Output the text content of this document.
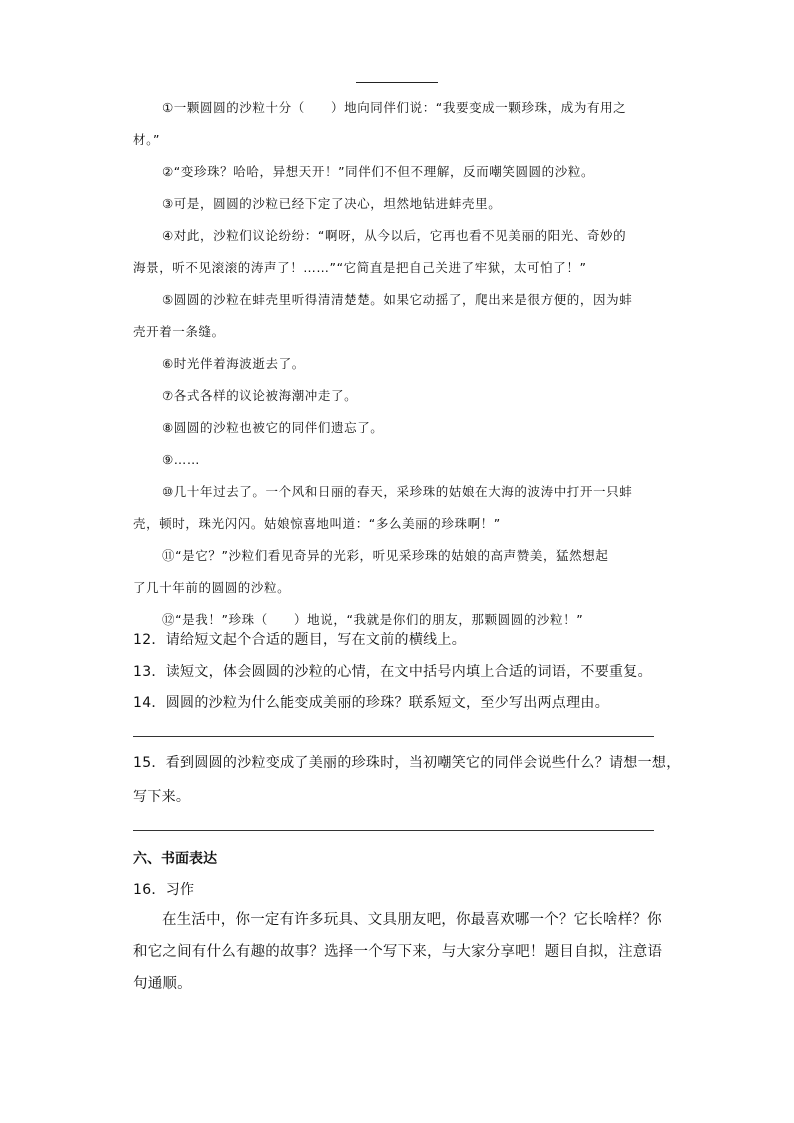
①一颗圆圆的沙粒十分（　　）地向同伴们说：“我要变成一颗珍珠，成为有用之

材。”

②“变珍珠？哈哈，异想天开！”同伴们不但不理解，反而嘲笑圆圆的沙粒。

③可是，圆圆的沙粒已经下定了决心，坦然地钻进蚌壳里。

④对此，沙粒们议论纷纷：“啊呀，从今以后，它再也看不见美丽的阳光、奇妙的

海景，听不见滚滚的涛声了！……”“它简直是把自己关进了牢狱，太可怕了！”

⑤圆圆的沙粒在蚌壳里听得清清楚楚。如果它动摇了，爬出来是很方便的，因为蚌

壳开着一条缝。

⑥时光伴着海波逝去了。

⑦各式各样的议论被海潮冲走了。

⑧圆圆的沙粒也被它的同伴们遗忘了。

⑨……

⑩几十年过去了。一个风和日丽的春天，采珍珠的姑娘在大海的波涛中打开一只蚌

壳，顿时，珠光闪闪。姑娘惊喜地叫道：“多么美丽的珍珠啊！”

⑪“是它？”沙粒们看见奇异的光彩，听见采珍珠的姑娘的高声赞美，猛然想起

了几十年前的圆圆的沙粒。

⑫“是我！”珍珠（　　）地说，“我就是你们的朋友，那颗圆圆的沙粒！”

12．请给短文起个合适的题目，写在文前的横线上。
13．读短文，体会圆圆的沙粒的心情，在文中括号内填上合适的词语，不要重复。
14．圆圆的沙粒为什么能变成美丽的珍珠？联系短文，至少写出两点理由。
15．看到圆圆的沙粒变成了美丽的珍珠时，当初嘲笑它的同伴会说些什么？请想一想，
写下来。
六、书面表达
16．习作
在生活中，你一定有许多玩具、文具朋友吧，你最喜欢哪一个？它长啥样？你和它之间有什么有趣的故事？选择一个写下来，与大家分享吧！题目自拟，注意语句通顺。
